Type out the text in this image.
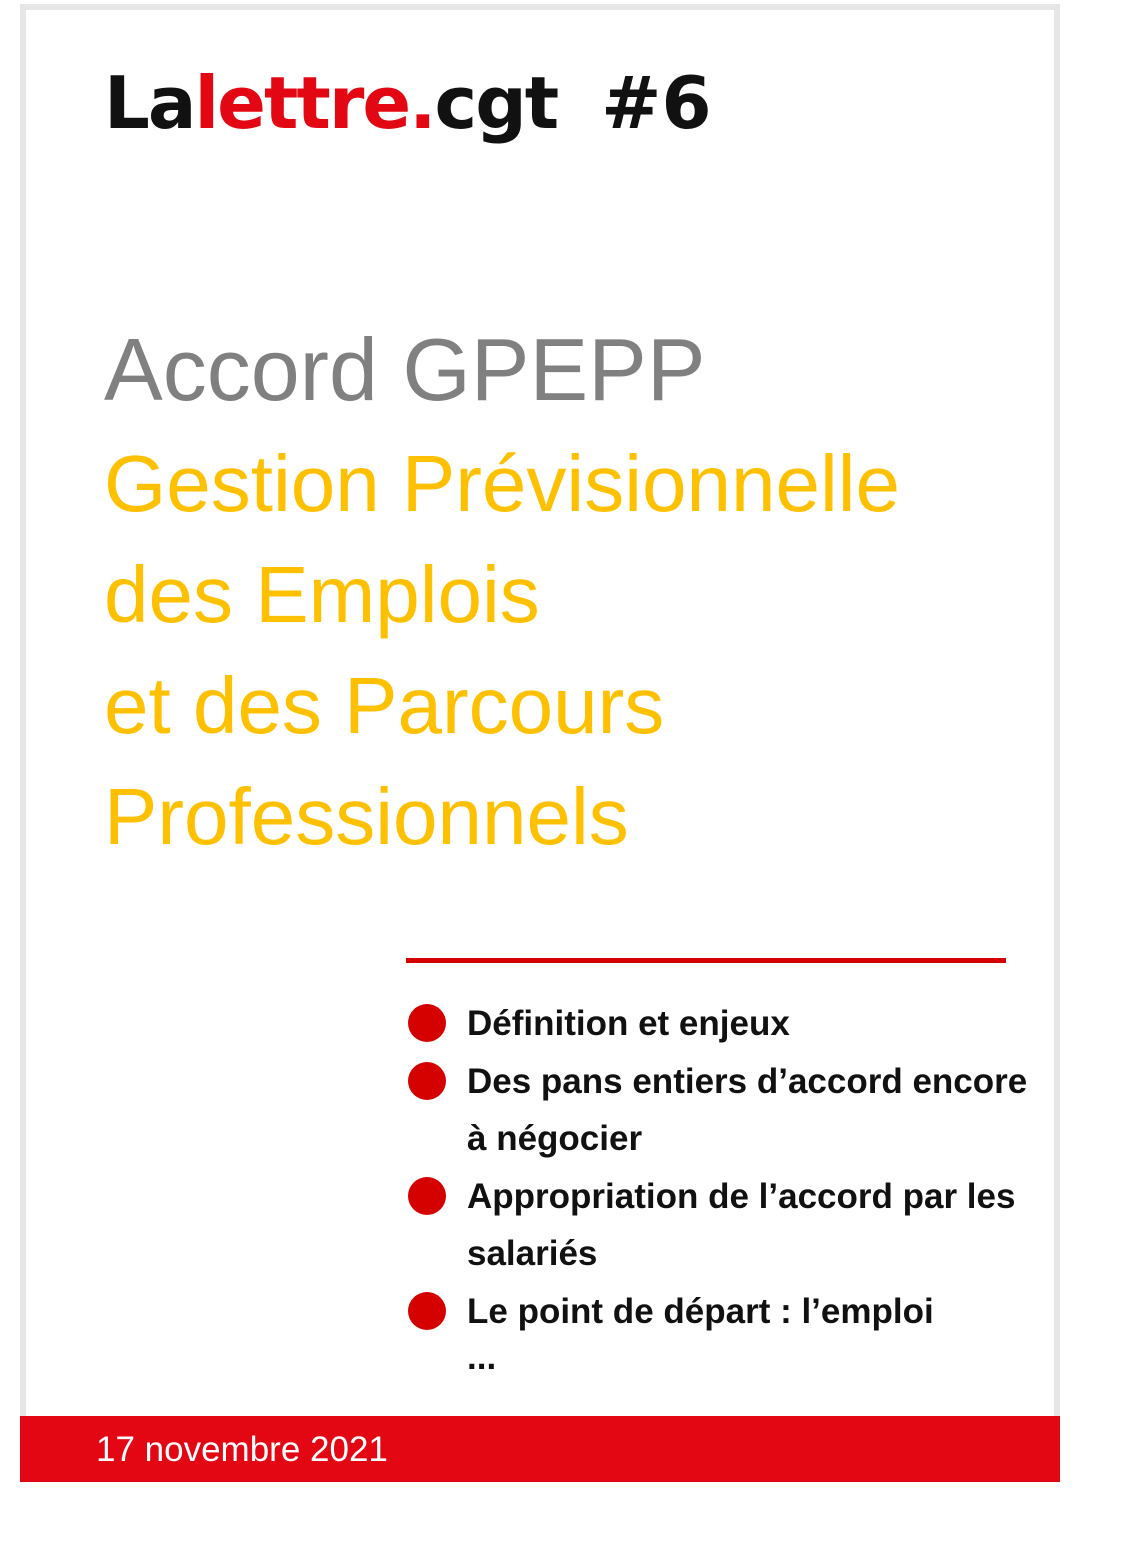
Lalettre.cgt #6
Accord GPEPP
Gestion Prévisionnelle
des Emplois
et des Parcours
Professionnels
Définition et enjeux
Des pans entiers d’accord encore à négocier
Appropriation de l’accord par les salariés
Le point de départ : l’emploi
...
17 novembre 2021
